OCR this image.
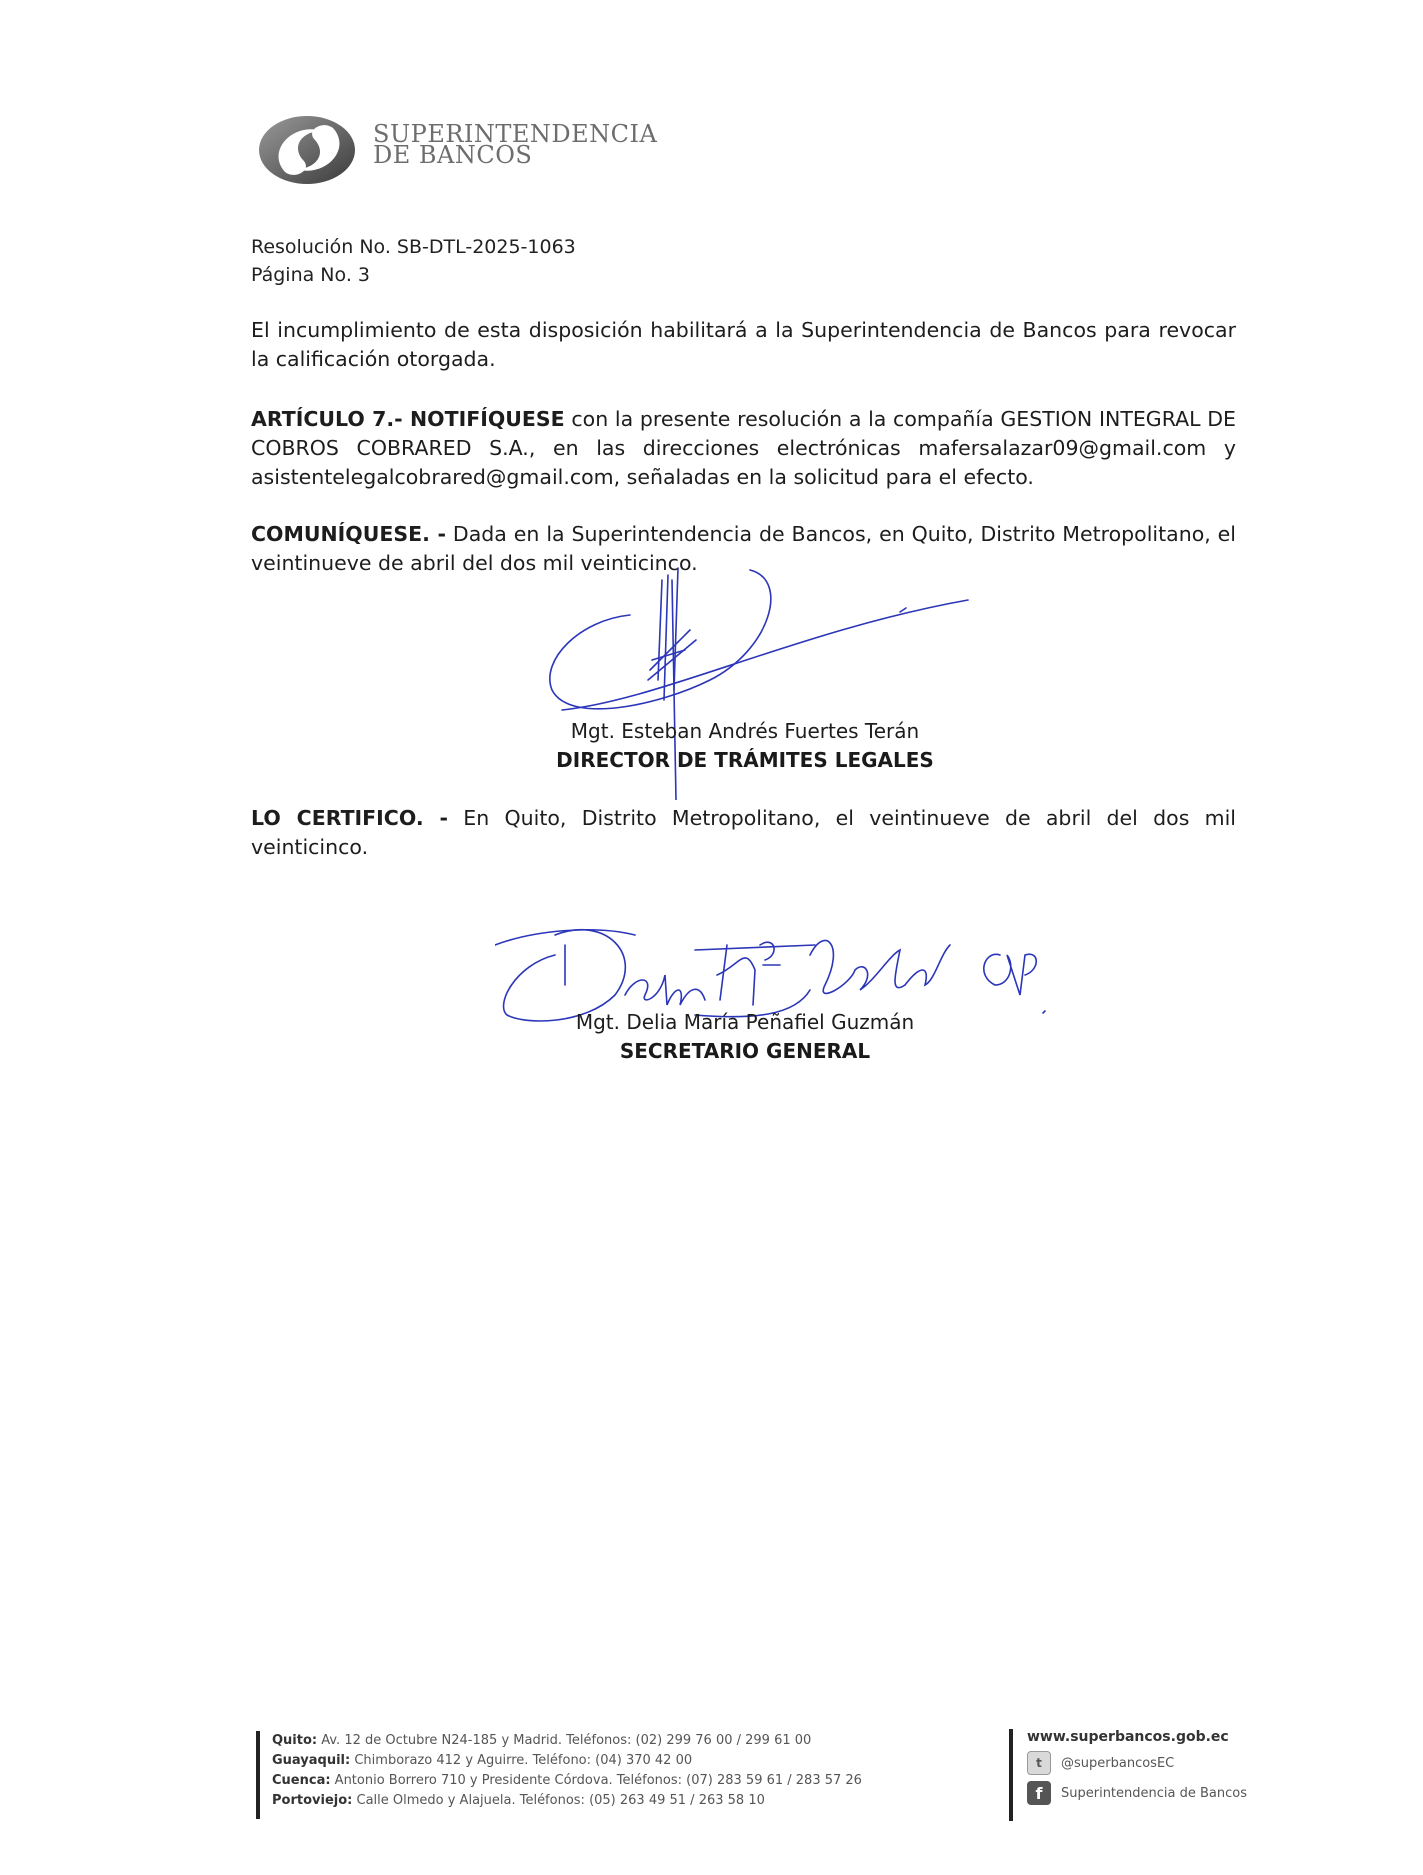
SUPERINTENDENCIA
DE BANCOS
Resolución No. SB-DTL-2025-1063
Página No. 3
El incumplimiento de esta disposición habilitará a la Superintendencia de Bancos para revocar la calificación otorgada.
ARTÍCULO 7.- NOTIFÍQUESE con la presente resolución a la compañía GESTION INTEGRAL DE COBROS COBRARED S.A., en las direcciones electrónicas mafersalazar09@gmail.com y asistentelegalcobrared@gmail.com, señaladas en la solicitud para el efecto.
COMUNÍQUESE. - Dada en la Superintendencia de Bancos, en Quito, Distrito Metropolitano, el veintinueve de abril del dos mil veinticinco.
Mgt. Esteban Andrés Fuertes Terán
DIRECTOR DE TRÁMITES LEGALES
LO CERTIFICO. - En Quito, Distrito Metropolitano, el veintinueve de abril del dos mil veinticinco.
Mgt. Delia María Peñafiel Guzmán
SECRETARIO GENERAL
Quito: Av. 12 de Octubre N24-185 y Madrid. Teléfonos: (02) 299 76 00 / 299 61 00
Guayaquil: Chimborazo 412 y Aguirre. Teléfono: (04) 370 42 00
Cuenca: Antonio Borrero 710 y Presidente Córdova. Teléfonos: (07) 283 59 61 / 283 57 26
Portoviejo: Calle Olmedo y Alajuela. Teléfonos: (05) 263 49 51 / 263 58 10
www.superbancos.gob.ec
t	@superbancosEC
f	Superintendencia de Bancos
